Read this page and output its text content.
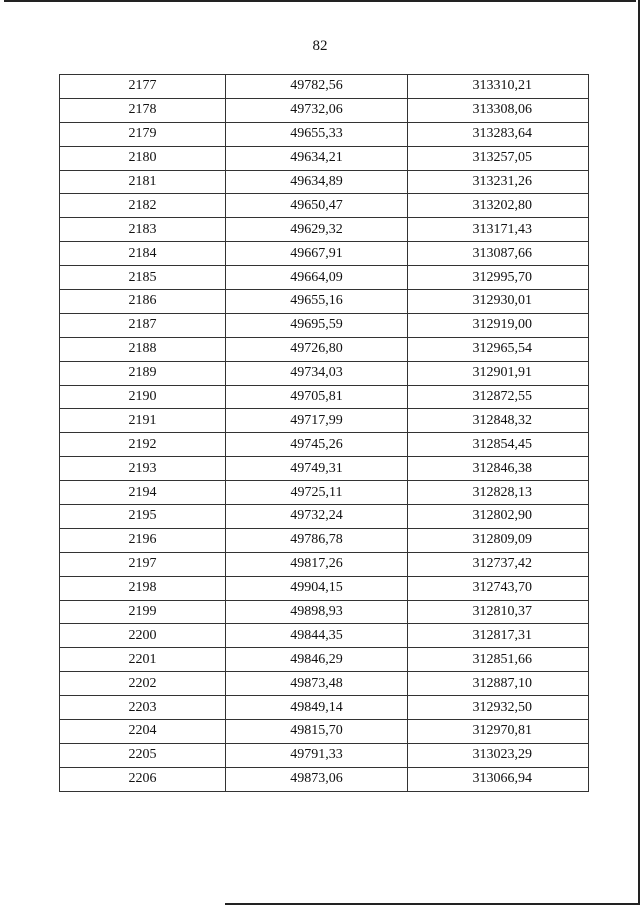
82
2177	49782,56	313310,21
2178	49732,06	313308,06
2179	49655,33	313283,64
2180	49634,21	313257,05
2181	49634,89	313231,26
2182	49650,47	313202,80
2183	49629,32	313171,43
2184	49667,91	313087,66
2185	49664,09	312995,70
2186	49655,16	312930,01
2187	49695,59	312919,00
2188	49726,80	312965,54
2189	49734,03	312901,91
2190	49705,81	312872,55
2191	49717,99	312848,32
2192	49745,26	312854,45
2193	49749,31	312846,38
2194	49725,11	312828,13
2195	49732,24	312802,90
2196	49786,78	312809,09
2197	49817,26	312737,42
2198	49904,15	312743,70
2199	49898,93	312810,37
2200	49844,35	312817,31
2201	49846,29	312851,66
2202	49873,48	312887,10
2203	49849,14	312932,50
2204	49815,70	312970,81
2205	49791,33	313023,29
2206	49873,06	313066,94
